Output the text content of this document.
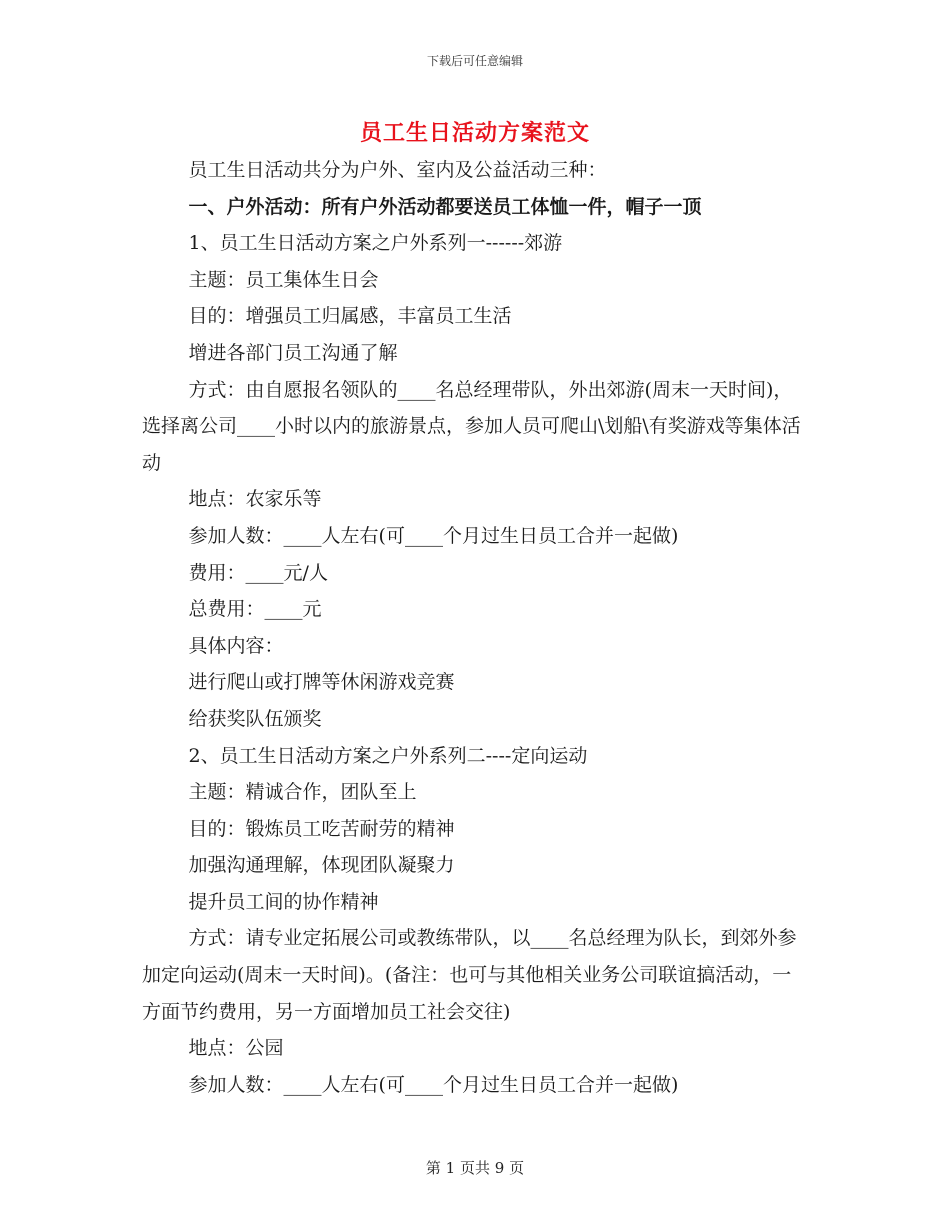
下载后可任意编辑
员工生日活动方案范文

员工生日活动共分为户外、室内及公益活动三种：

一、户外活动：所有户外活动都要送员工体恤一件，帽子一顶

1、员工生日活动方案之户外系列一------郊游

主题：员工集体生日会

目的：增强员工归属感，丰富员工生活

增进各部门员工沟通了解

方式：由自愿报名领队的____名总经理带队，外出郊游(周末一天时间)，选择离公司____小时以内的旅游景点，参加人员可爬山\划船\有奖游戏等集体活动

地点：农家乐等

参加人数：____人左右(可____个月过生日员工合并一起做)

费用：____元/人

总费用：____元

具体内容：

进行爬山或打牌等休闲游戏竞赛

给获奖队伍颁奖

2、员工生日活动方案之户外系列二----定向运动

主题：精诚合作，团队至上

目的：锻炼员工吃苦耐劳的精神

加强沟通理解，体现团队凝聚力

提升员工间的协作精神

方式：请专业定拓展公司或教练带队，以____名总经理为队长，到郊外参加定向运动(周末一天时间)。(备注：也可与其他相关业务公司联谊搞活动，一方面节约费用，另一方面增加员工社会交往)

地点：公园

参加人数：____人左右(可____个月过生日员工合并一起做)

第 1 页共 9 页
